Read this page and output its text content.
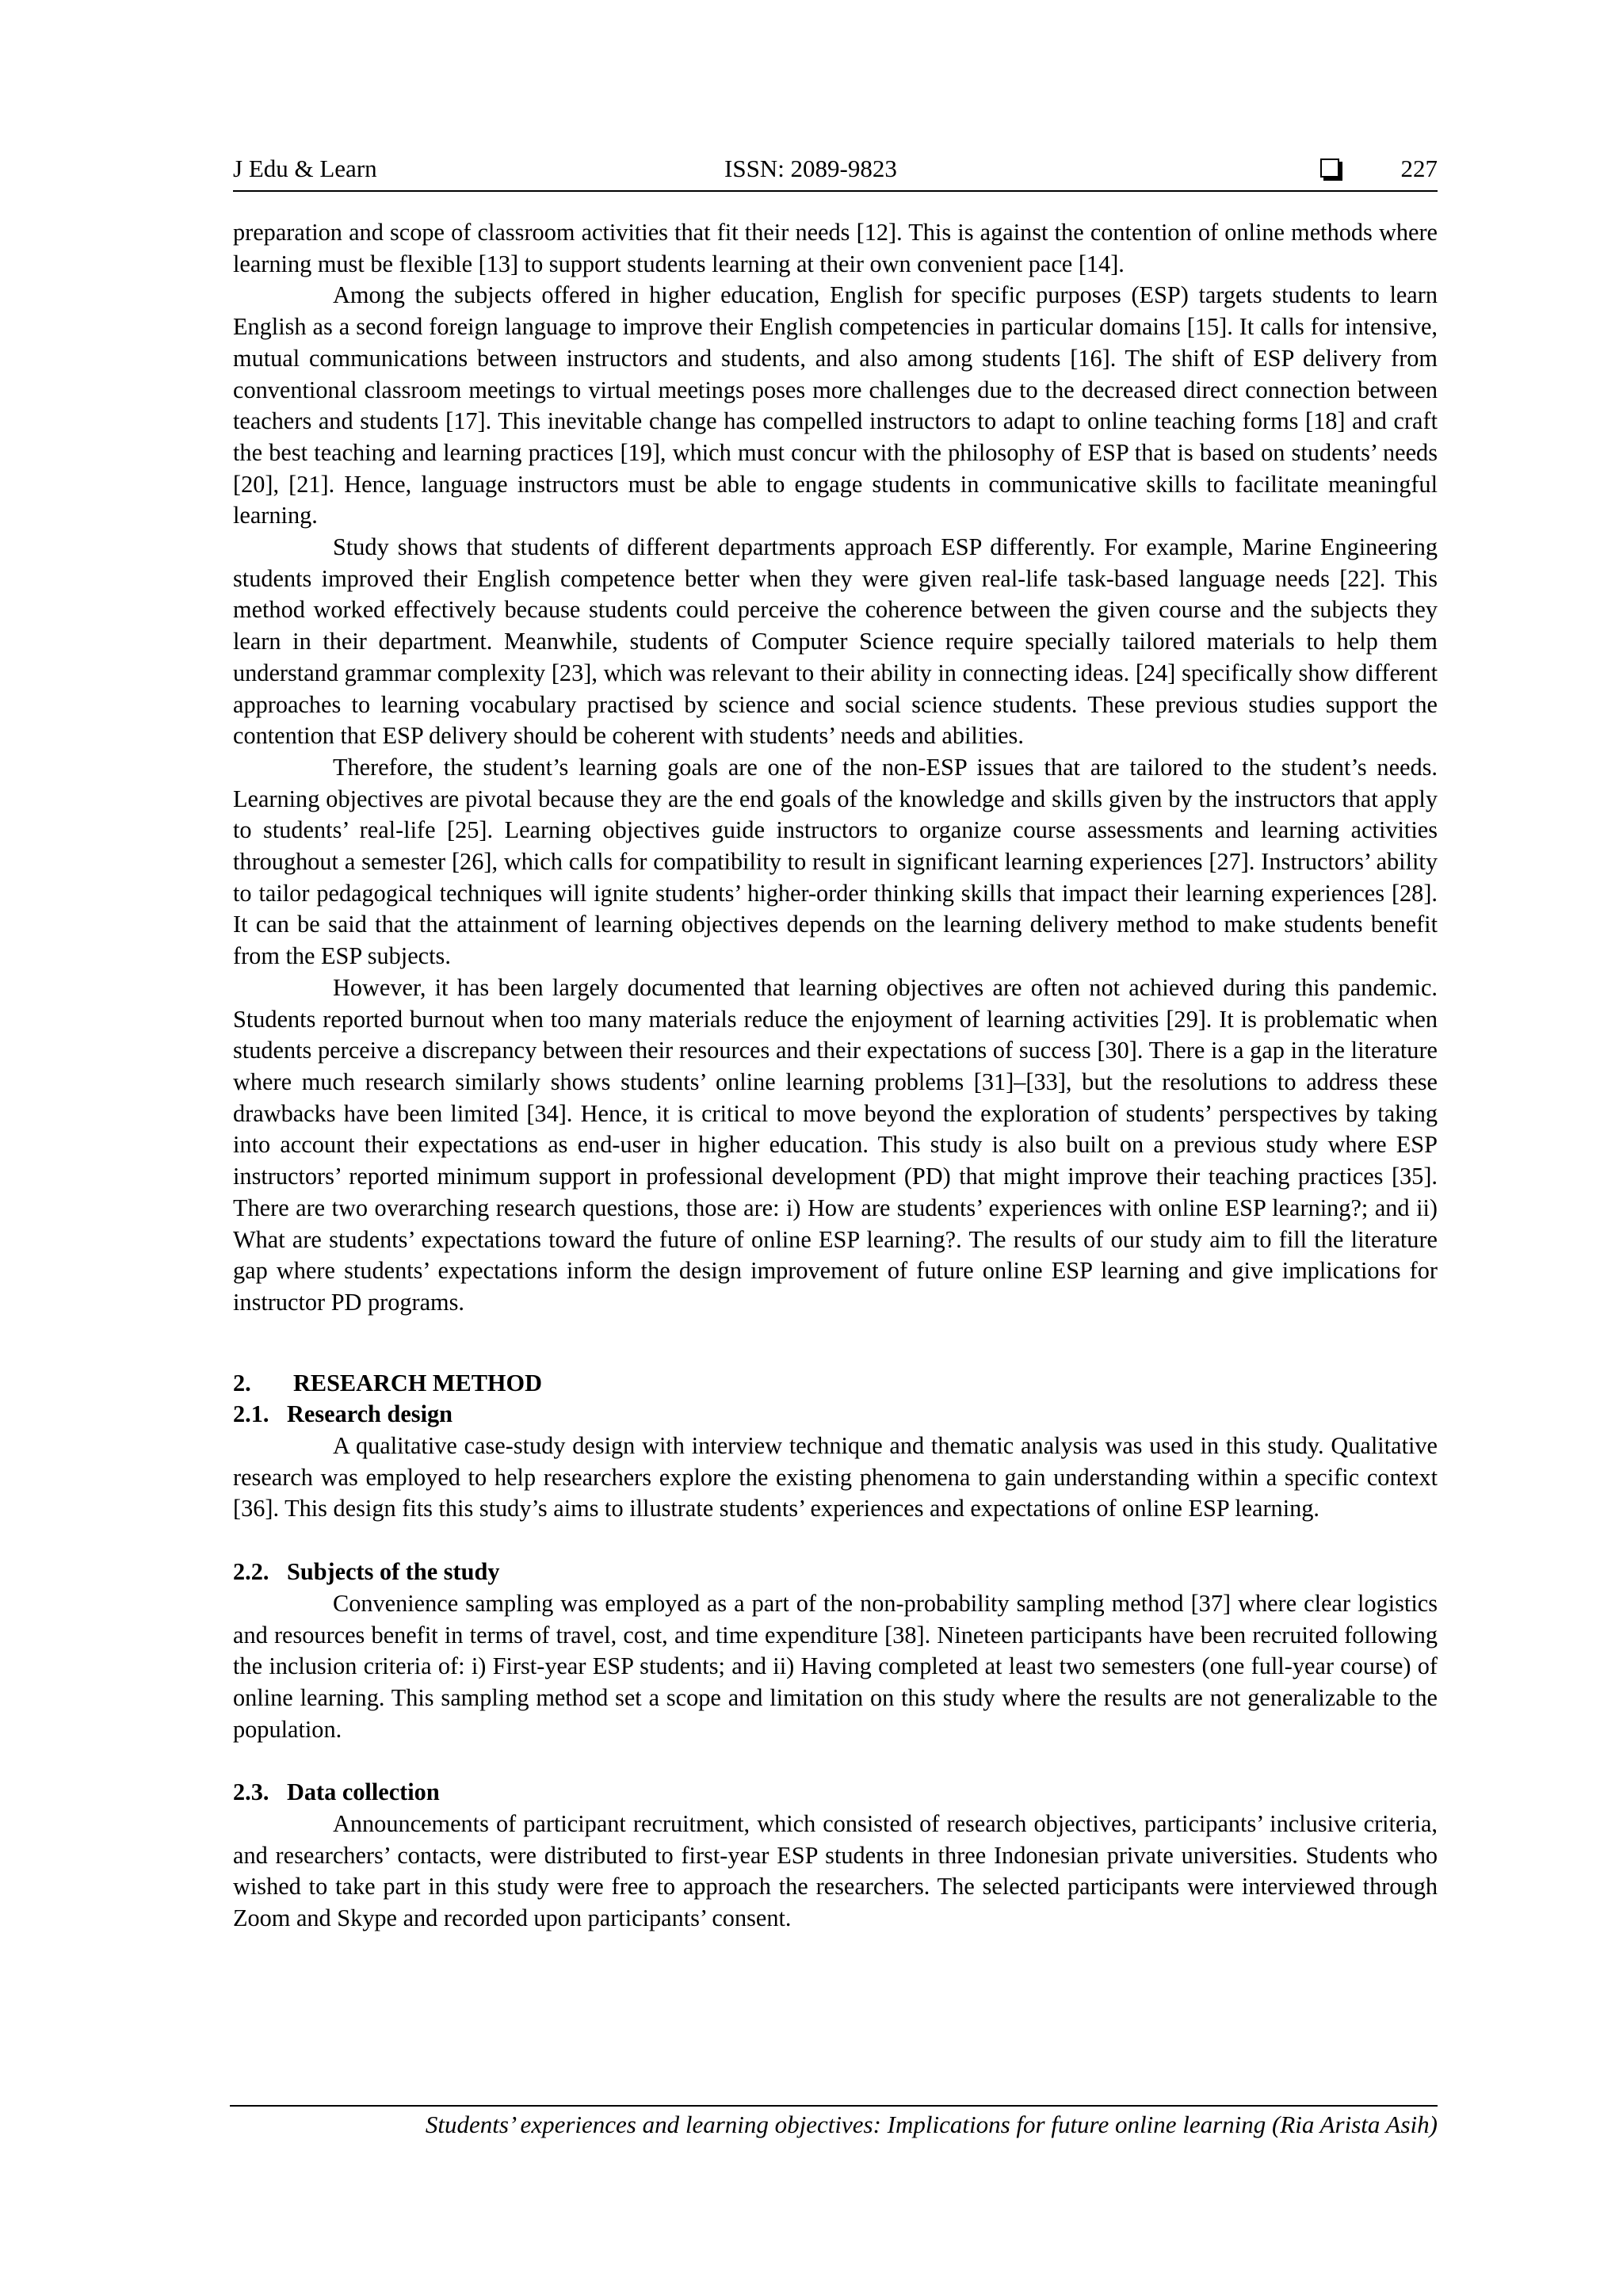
J Edu & Learn	ISSN: 2089-9823	227

preparation and scope of classroom activities that fit their needs [12]. This is against the contention of online methods where learning must be flexible [13] to support students learning at their own convenient pace [14].

Among the subjects offered in higher education, English for specific purposes (ESP) targets students to learn English as a second foreign language to improve their English competencies in particular domains [15]. It calls for intensive, mutual communications between instructors and students, and also among students [16]. The shift of ESP delivery from conventional classroom meetings to virtual meetings poses more challenges due to the decreased direct connection between teachers and students [17]. This inevitable change has compelled instructors to adapt to online teaching forms [18] and craft the best teaching and learning practices [19], which must concur with the philosophy of ESP that is based on students’ needs [20], [21]. Hence, language instructors must be able to engage students in communicative skills to facilitate meaningful learning.

Study shows that students of different departments approach ESP differently. For example, Marine Engineering students improved their English competence better when they were given real-life task-based language needs [22]. This method worked effectively because students could perceive the coherence between the given course and the subjects they learn in their department. Meanwhile, students of Computer Science require specially tailored materials to help them understand grammar complexity [23], which was relevant to their ability in connecting ideas. [24] specifically show different approaches to learning vocabulary practised by science and social science students. These previous studies support the contention that ESP delivery should be coherent with students’ needs and abilities.

Therefore, the student’s learning goals are one of the non-ESP issues that are tailored to the student’s needs. Learning objectives are pivotal because they are the end goals of the knowledge and skills given by the instructors that apply to students’ real-life [25]. Learning objectives guide instructors to organize course assessments and learning activities throughout a semester [26], which calls for compatibility to result in significant learning experiences [27]. Instructors’ ability to tailor pedagogical techniques will ignite students’ higher-order thinking skills that impact their learning experiences [28]. It can be said that the attainment of learning objectives depends on the learning delivery method to make students benefit from the ESP subjects.

However, it has been largely documented that learning objectives are often not achieved during this pandemic. Students reported burnout when too many materials reduce the enjoyment of learning activities [29]. It is problematic when students perceive a discrepancy between their resources and their expectations of success [30]. There is a gap in the literature where much research similarly shows students’ online learning problems [31]–[33], but the resolutions to address these drawbacks have been limited [34]. Hence, it is critical to move beyond the exploration of students’ perspectives by taking into account their expectations as end-user in higher education. This study is also built on a previous study where ESP instructors’ reported minimum support in professional development (PD) that might improve their teaching practices [35]. There are two overarching research questions, those are: i) How are students’ experiences with online ESP learning?; and ii) What are students’ expectations toward the future of online ESP learning?. The results of our study aim to fill the literature gap where students’ expectations inform the design improvement of future online ESP learning and give implications for instructor PD programs.

2. RESEARCH METHOD
2.1. Research design

A qualitative case-study design with interview technique and thematic analysis was used in this study. Qualitative research was employed to help researchers explore the existing phenomena to gain understanding within a specific context [36]. This design fits this study’s aims to illustrate students’ experiences and expectations of online ESP learning.

2.2. Subjects of the study

Convenience sampling was employed as a part of the non-probability sampling method [37] where clear logistics and resources benefit in terms of travel, cost, and time expenditure [38]. Nineteen participants have been recruited following the inclusion criteria of: i) First-year ESP students; and ii) Having completed at least two semesters (one full-year course) of online learning. This sampling method set a scope and limitation on this study where the results are not generalizable to the population.

2.3. Data collection

Announcements of participant recruitment, which consisted of research objectives, participants’ inclusive criteria, and researchers’ contacts, were distributed to first-year ESP students in three Indonesian private universities. Students who wished to take part in this study were free to approach the researchers. The selected participants were interviewed through Zoom and Skype and recorded upon participants’ consent.

Students’ experiences and learning objectives: Implications for future online learning (Ria Arista Asih)
